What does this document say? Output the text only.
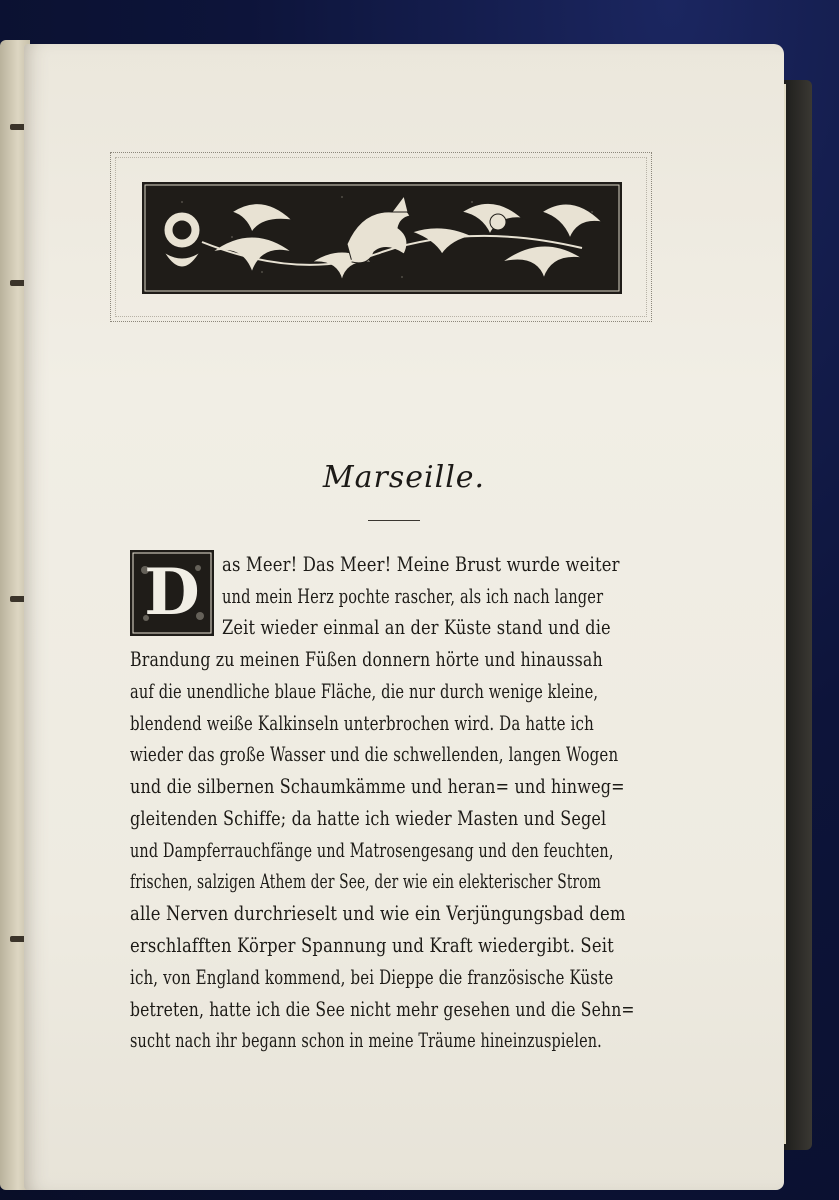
Marseille.
D as Meer! Das Meer! Meine Brust wurde weiter
und mein Herz pochte rascher, als ich nach langer
Zeit wieder einmal an der Küste stand und die
Brandung zu meinen Füßen donnern hörte und hinaussah
auf die unendliche blaue Fläche, die nur durch wenige kleine,
blendend weiße Kalkinseln unterbrochen wird. Da hatte ich
wieder das große Wasser und die schwellenden, langen Wogen
und die silbernen Schaumkämme und heran= und hinweg=
gleitenden Schiffe; da hatte ich wieder Masten und Segel
und Dampferrauchfänge und Matrosengesang und den feuchten,
frischen, salzigen Athem der See, der wie ein elekterischer Strom
alle Nerven durchrieselt und wie ein Verjüngungsbad dem
erschlafften Körper Spannung und Kraft wiedergibt. Seit
ich, von England kommend, bei Dieppe die französische Küste
betreten, hatte ich die See nicht mehr gesehen und die Sehn=
sucht nach ihr begann schon in meine Träume hineinzuspielen.
